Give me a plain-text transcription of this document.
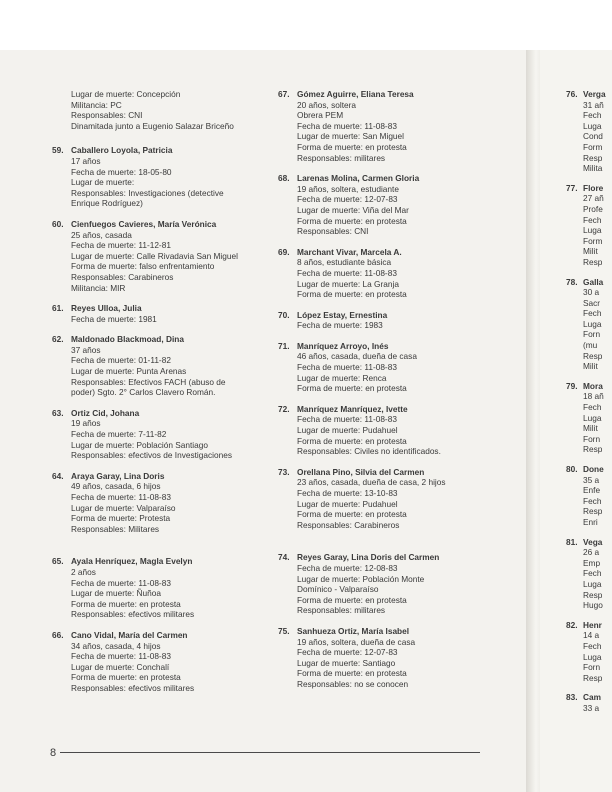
Lugar de muerte: Concepción
Militancia: PC
Responsables: CNI
Dinamitada junto a Eugenio Salazar Briceño
59. Caballero Loyola, Patricia
17 años
Fecha de muerte: 18-05-80
Lugar de muerte:
Responsables: Investigaciones (detective
Enrique Rodríguez)
60. Cienfuegos Cavieres, María Verónica
25 años, casada
Fecha de muerte: 11-12-81
Lugar de muerte: Calle Rivadavia San Miguel
Forma de muerte: falso enfrentamiento
Responsables: Carabineros
Militancia: MIR
61. Reyes Ulloa, Julia
Fecha de muerte: 1981
62. Maldonado Blackmoad, Dina
37 años
Fecha de muerte: 01-11-82
Lugar de muerte: Punta Arenas
Responsables: Efectivos FACH (abuso de
poder) Sgto. 2° Carlos Clavero Román.
63. Ortiz Cid, Johana
19 años
Fecha de muerte: 7-11-82
Lugar de muerte: Población Santiago
Responsables: efectivos de Investigaciones
64. Araya Garay, Lina Doris
49 años, casada, 6 hijos
Fecha de muerte: 11-08-83
Lugar de muerte: Valparaíso
Forma de muerte: Protesta
Responsables: Militares
65. Ayala Henríquez, Magla Evelyn
2 años
Fecha de muerte: 11-08-83
Lugar de muerte: Ñuñoa
Forma de muerte: en protesta
Responsables: efectivos militares
66. Cano Vidal, María del Carmen
34 años, casada, 4 hijos
Fecha de muerte: 11-08-83
Lugar de muerte: Conchalí
Forma de muerte: en protesta
Responsables: efectivos militares
67. Gómez Aguirre, Eliana Teresa
20 años, soltera
Obrera PEM
Fecha de muerte: 11-08-83
Lugar de muerte: San Miguel
Forma de muerte: en protesta
Responsables: militares
68. Larenas Molina, Carmen Gloria
19 años, soltera, estudiante
Fecha de muerte: 12-07-83
Lugar de muerte: Viña del Mar
Forma de muerte: en protesta
Responsables: CNI
69. Marchant Vivar, Marcela A.
8 años, estudiante básica
Fecha de muerte: 11-08-83
Lugar de muerte: La Granja
Forma de muerte: en protesta
70. López Estay, Ernestina
Fecha de muerte: 1983
71. Manríquez Arroyo, Inés
46 años, casada, dueña de casa
Fecha de muerte: 11-08-83
Lugar de muerte: Renca
Forma de muerte: en protesta
72. Manríquez Manríquez, Ivette
Fecha de muerte: 11-08-83
Lugar de muerte: Pudahuel
Forma de muerte: en protesta
Responsables: Civiles no identificados.
73. Orellana Pino, Silvia del Carmen
23 años, casada, dueña de casa, 2 hijos
Fecha de muerte: 13-10-83
Lugar de muerte: Pudahuel
Forma de muerte: en protesta
Responsables: Carabineros
74. Reyes Garay, Lina Doris del Carmen
Fecha de muerte: 12-08-83
Lugar de muerte: Población Monte
Domínico - Valparaíso
Forma de muerte: en protesta
Responsables: militares
75. Sanhueza Ortiz, María Isabel
19 años, soltera, dueña de casa
Fecha de muerte: 12-07-83
Lugar de muerte: Santiago
Forma de muerte: en protesta
Responsables: no se conocen
76. Verga
31 añ
Fech
Luga
Cond
Form
Resp
Milita
77. Flore
27 añ
Profe
Fech
Luga
Form
Milit
Resp
78. Galla
30 a
Sacr
Fech
Luga
Forn
(mu
Resp
Milit
79. Mora
18 añ
Fech
Luga
Milit
Forn
Resp
80. Done
35 a
Enfe
Fech
Resp
Enri
81. Vega
26 a
Emp
Fech
Luga
Resp
Hugo
82. Henr
14 a
Fech
Luga
Forn
Resp
83. Cam
33 a
8
